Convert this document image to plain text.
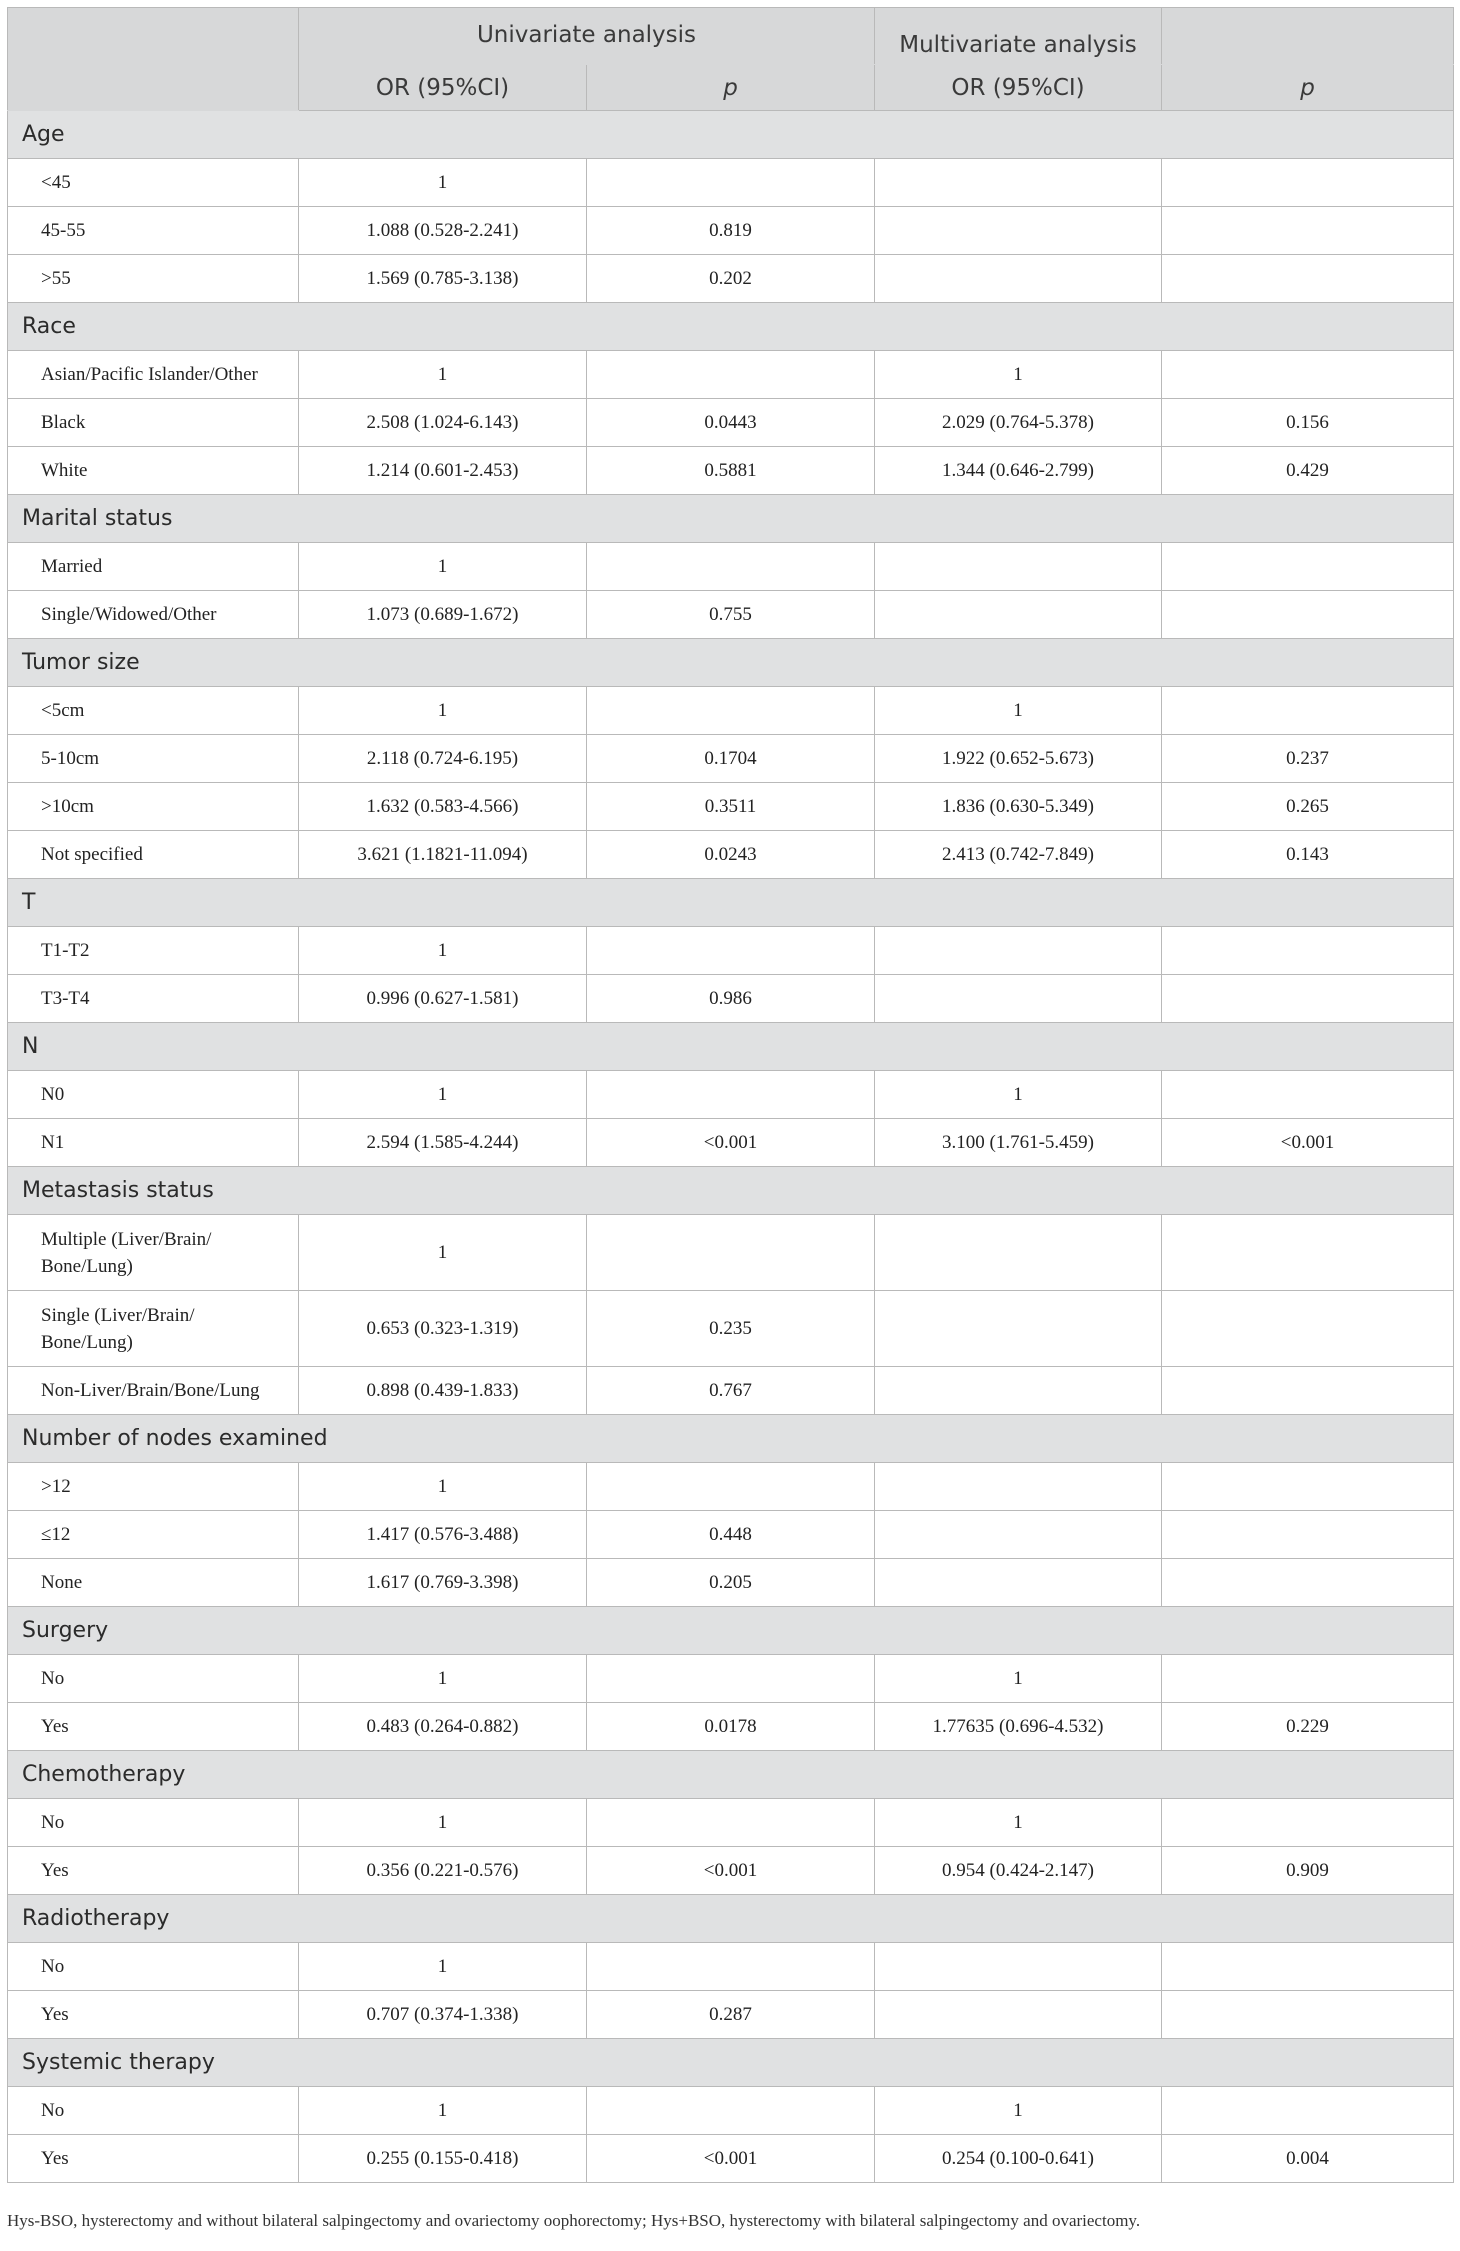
	Univariate analysis		Multivariate analysis	
	OR (95%CI)	p	OR (95%CI)	p
Age				
<45	1			
45-55	1.088 (0.528-2.241)	0.819		
>55	1.569 (0.785-3.138)	0.202		
Race				
Asian/Pacific Islander/Other	1		1	
Black	2.508 (1.024-6.143)	0.0443	2.029 (0.764-5.378)	0.156
White	1.214 (0.601-2.453)	0.5881	1.344 (0.646-2.799)	0.429
Marital status				
Married	1			
Single/Widowed/Other	1.073 (0.689-1.672)	0.755		
Tumor size				
<5cm	1		1	
5-10cm	2.118 (0.724-6.195)	0.1704	1.922 (0.652-5.673)	0.237
>10cm	1.632 (0.583-4.566)	0.3511	1.836 (0.630-5.349)	0.265
Not specified	3.621 (1.1821-11.094)	0.0243	2.413 (0.742-7.849)	0.143
T				
T1-T2	1			
T3-T4	0.996 (0.627-1.581)	0.986		
N				
N0	1		1	
N1	2.594 (1.585-4.244)	<0.001	3.100 (1.761-5.459)	<0.001
Metastasis status				
Multiple (Liver/Brain/ Bone/Lung)	1			
Single (Liver/Brain/ Bone/Lung)	0.653 (0.323-1.319)	0.235		
Non-Liver/Brain/Bone/Lung	0.898 (0.439-1.833)	0.767		
Number of nodes examined				
>12	1			
≤12	1.417 (0.576-3.488)	0.448		
None	1.617 (0.769-3.398)	0.205		
Surgery				
No	1		1	
Yes	0.483 (0.264-0.882)	0.0178	1.77635 (0.696-4.532)	0.229
Chemotherapy				
No	1		1	
Yes	0.356 (0.221-0.576)	<0.001	0.954 (0.424-2.147)	0.909
Radiotherapy				
No	1			
Yes	0.707 (0.374-1.338)	0.287		
Systemic therapy				
No	1		1	
Yes	0.255 (0.155-0.418)	<0.001	0.254 (0.100-0.641)	0.004
Hys-BSO, hysterectomy and without bilateral salpingectomy and ovariectomy oophorectomy; Hys+BSO, hysterectomy with bilateral salpingectomy and ovariectomy.
